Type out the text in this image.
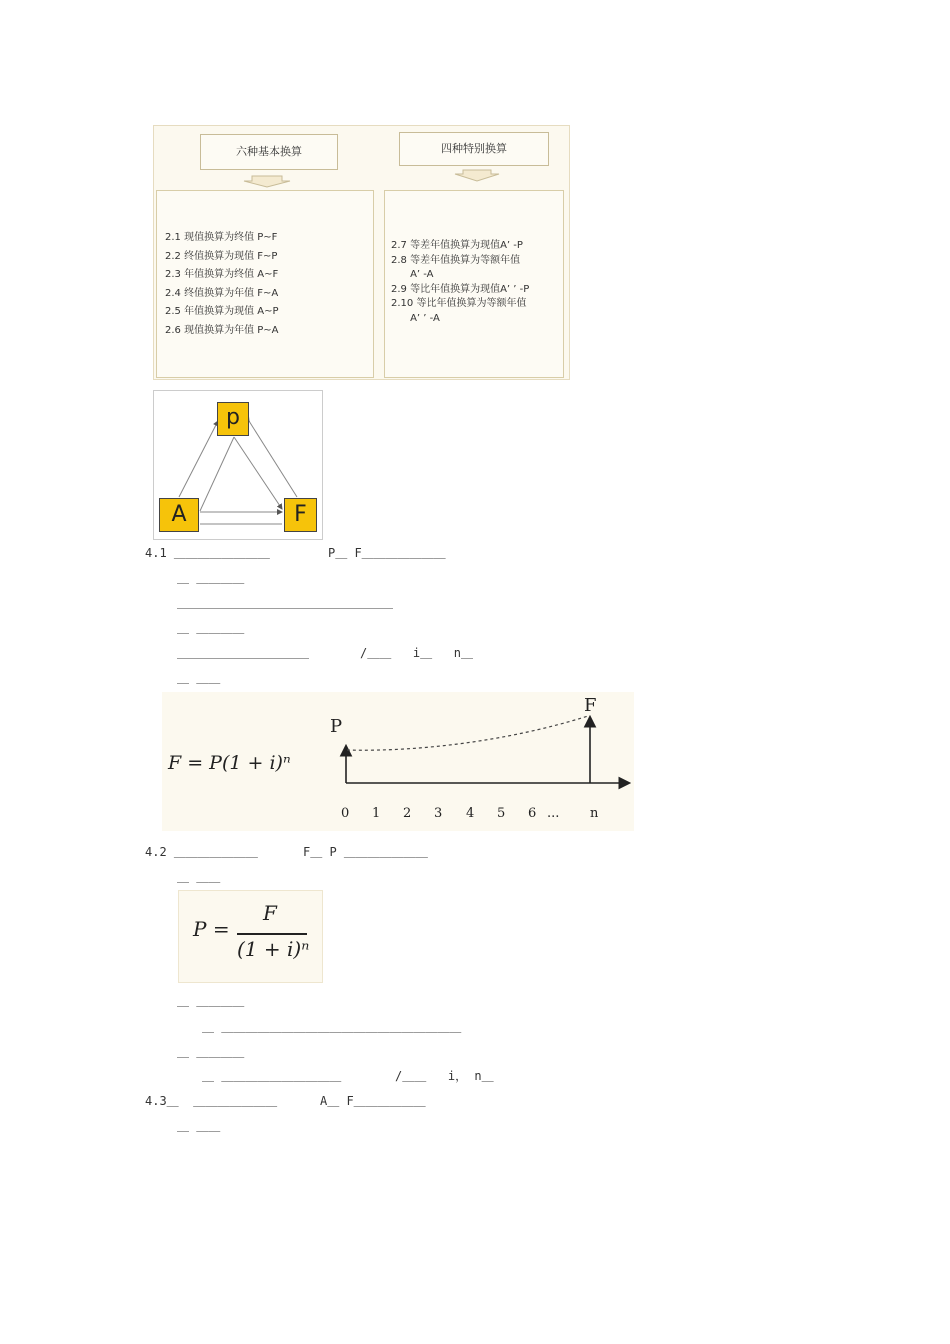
六种基本换算	四种特别换算
2.1 现值换算为终值 P~F
2.2 终值换算为现值 F~P
2.3 年值换算为终值 A~F
2.4 终值换算为年值 F~A
2.5 年值换算为现值 A~P
2.6 现值换算为年值 P~A
2.7 等差年值换算为现值A’ -P
2.8 等差年值换算为等额年值
A’ -A
2.9 等比年值换算为现值A’ ’ -P
2.10 等比年值换算为等额年值
A’ ’ -A
p
A	F
4.1 ＿＿＿＿＿＿＿＿	P＿ F＿＿＿＿＿＿＿
＿ ＿＿＿＿
＿＿＿＿＿＿＿＿＿＿＿＿＿＿＿＿＿＿
＿ ＿＿＿＿
＿＿＿＿＿＿＿＿＿＿＿	/＿＿   i＿   n＿
＿ ＿＿
F = P(1 + i)ⁿ
P
F
0 1 2 3 4 5 6 ... n
4.2 ＿＿＿＿＿＿＿	F＿ P ＿＿＿＿＿＿＿
＿ ＿＿
P =
F
(1 + i)ⁿ
＿ ＿＿＿＿
＿ ＿＿＿＿＿＿＿＿＿＿＿＿＿＿＿＿＿＿＿＿
＿ ＿＿＿＿
＿ ＿＿＿＿＿＿＿＿＿＿	/＿＿   i， n＿
4.3＿  ＿＿＿＿＿＿＿	A＿ F＿＿＿＿＿＿
＿ ＿＿
